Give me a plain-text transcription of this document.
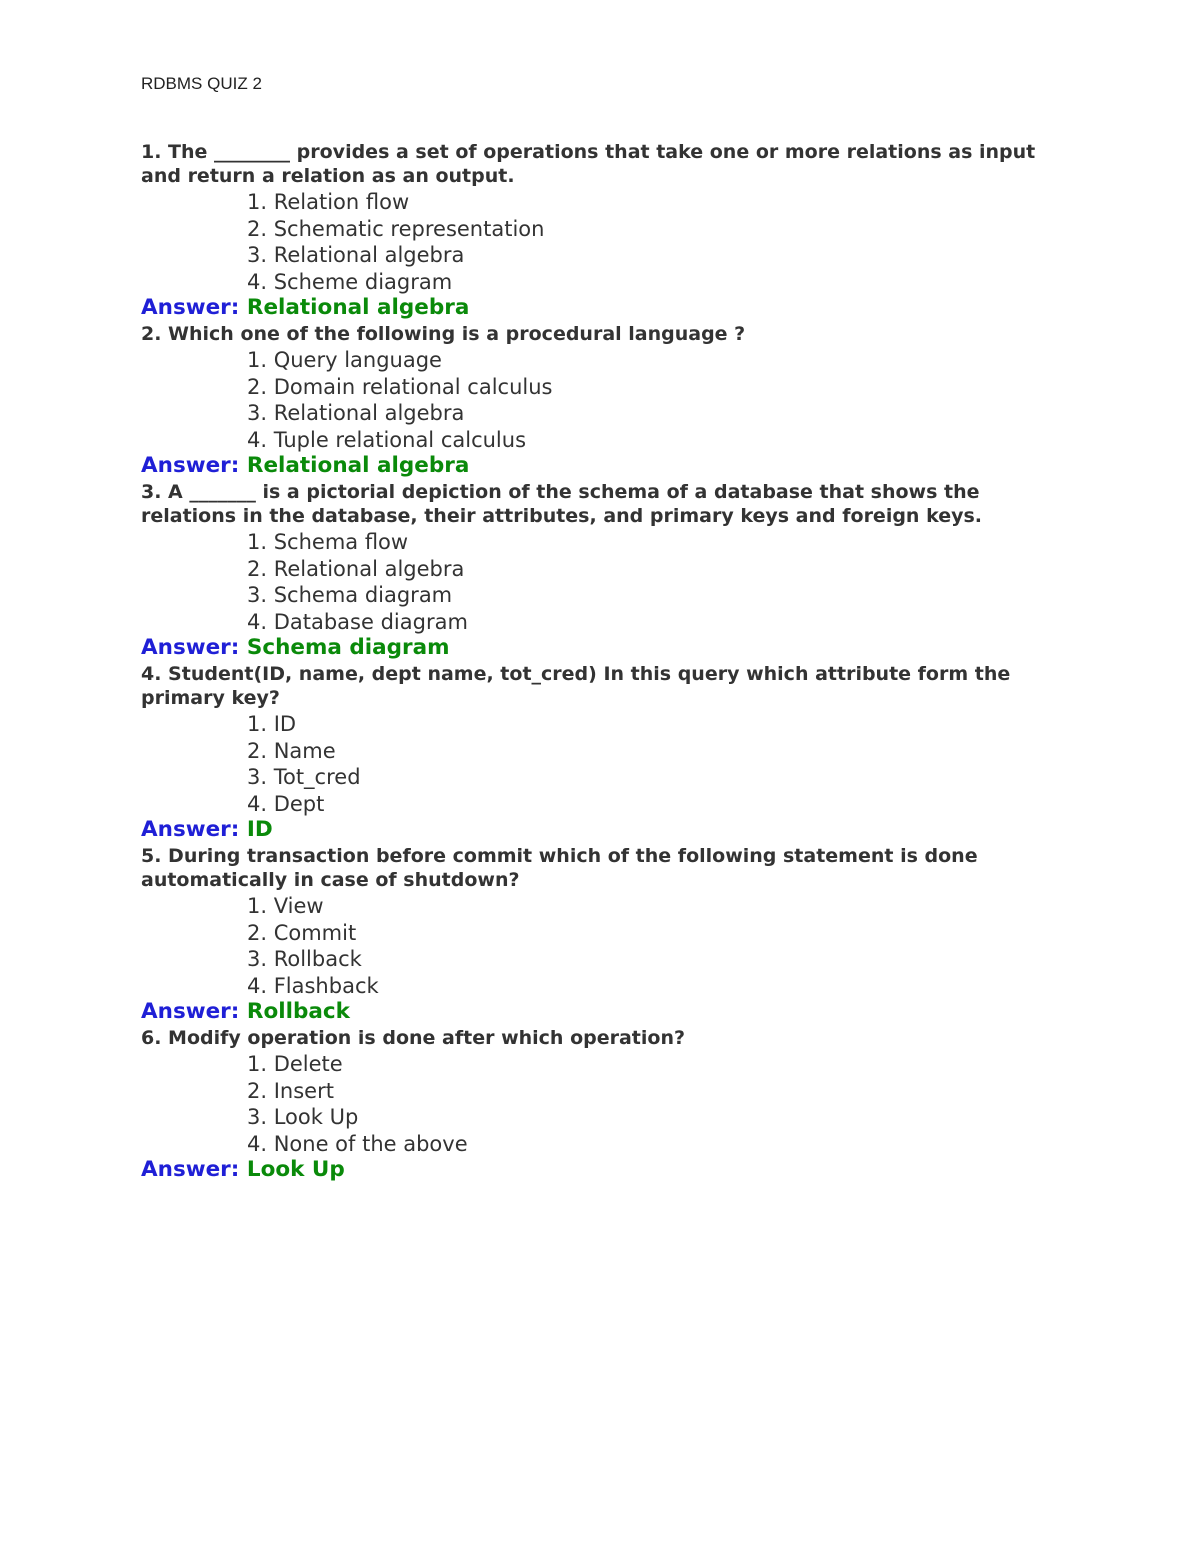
RDBMS QUIZ 2
1. The ________ provides a set of operations that take one or more relations as input and return a relation as an output.
1. Relation flow
2. Schematic representation
3. Relational algebra
4. Scheme diagram
Answer: Relational algebra
2. Which one of the following is a procedural language ?
1. Query language
2. Domain relational calculus
3. Relational algebra
4. Tuple relational calculus
Answer: Relational algebra
3. A _______ is a pictorial depiction of the schema of a database that shows the relations in the database, their attributes, and primary keys and foreign keys.
1. Schema flow
2. Relational algebra
3. Schema diagram
4. Database diagram
Answer: Schema diagram
4. Student(ID, name, dept name, tot_cred) In this query which attribute form the primary key?
1. ID
2. Name
3. Tot_cred
4. Dept
Answer: ID
5. During transaction before commit which of the following statement is done automatically in case of shutdown?
1. View
2. Commit
3. Rollback
4. Flashback
Answer: Rollback
6. Modify operation is done after which operation?
1. Delete
2. Insert
3. Look Up
4. None of the above
Answer: Look Up
